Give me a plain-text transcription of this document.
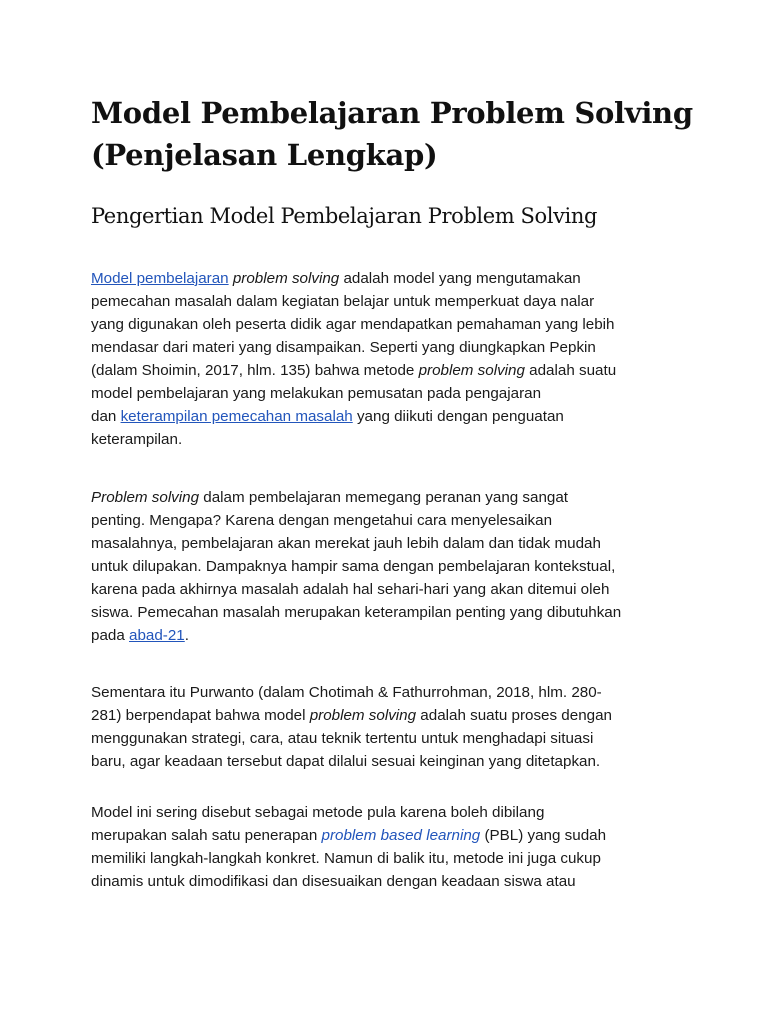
Model Pembelajaran Problem Solving (Penjelasan Lengkap)
Pengertian Model Pembelajaran Problem Solving

Model pembelajaran problem solving adalah model yang mengutamakan
pemecahan masalah dalam kegiatan belajar untuk memperkuat daya nalar
yang digunakan oleh peserta didik agar mendapatkan pemahaman yang lebih
mendasar dari materi yang disampaikan. Seperti yang diungkapkan Pepkin
(dalam Shoimin, 2017, hlm. 135) bahwa metode problem solving adalah suatu
model pembelajaran yang melakukan pemusatan pada pengajaran
dan keterampilan pemecahan masalah yang diikuti dengan penguatan
keterampilan.

Problem solving dalam pembelajaran memegang peranan yang sangat
penting. Mengapa? Karena dengan mengetahui cara menyelesaikan
masalahnya, pembelajaran akan merekat jauh lebih dalam dan tidak mudah
untuk dilupakan. Dampaknya hampir sama dengan pembelajaran kontekstual,
karena pada akhirnya masalah adalah hal sehari-hari yang akan ditemui oleh
siswa. Pemecahan masalah merupakan keterampilan penting yang dibutuhkan
pada abad-21.

Sementara itu Purwanto (dalam Chotimah & Fathurrohman, 2018, hlm. 280-
281) berpendapat bahwa model problem solving adalah suatu proses dengan
menggunakan strategi, cara, atau teknik tertentu untuk menghadapi situasi
baru, agar keadaan tersebut dapat dilalui sesuai keinginan yang ditetapkan.

Model ini sering disebut sebagai metode pula karena boleh dibilang
merupakan salah satu penerapan problem based learning (PBL) yang sudah
memiliki langkah-langkah konkret. Namun di balik itu, metode ini juga cukup
dinamis untuk dimodifikasi dan disesuaikan dengan keadaan siswa atau
